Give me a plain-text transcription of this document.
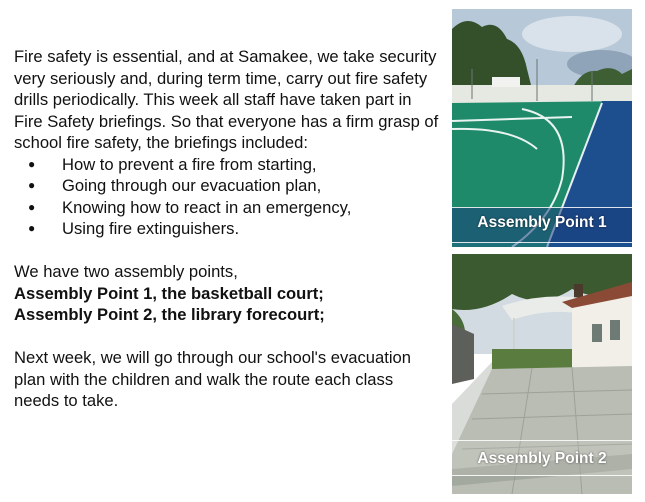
Fire safety is essential, and at Samakee, we take security very seriously and, during term time, carry out fire safety drills periodically. This week all staff have taken part in Fire Safety briefings. So that everyone has a firm grasp of school fire safety, the briefings included:

● How to prevent a fire from starting,
● Going through our evacuation plan,
● Knowing how to react in an emergency,
● Using fire extinguishers.

We have two assembly points,

Assembly Point 1, the basketball court;

Assembly Point 2, the library forecourt;

Next week, we will go through our school's evacuation plan with the children and walk the route each class needs to take.

Assembly Point 1
Assembly Point 2
